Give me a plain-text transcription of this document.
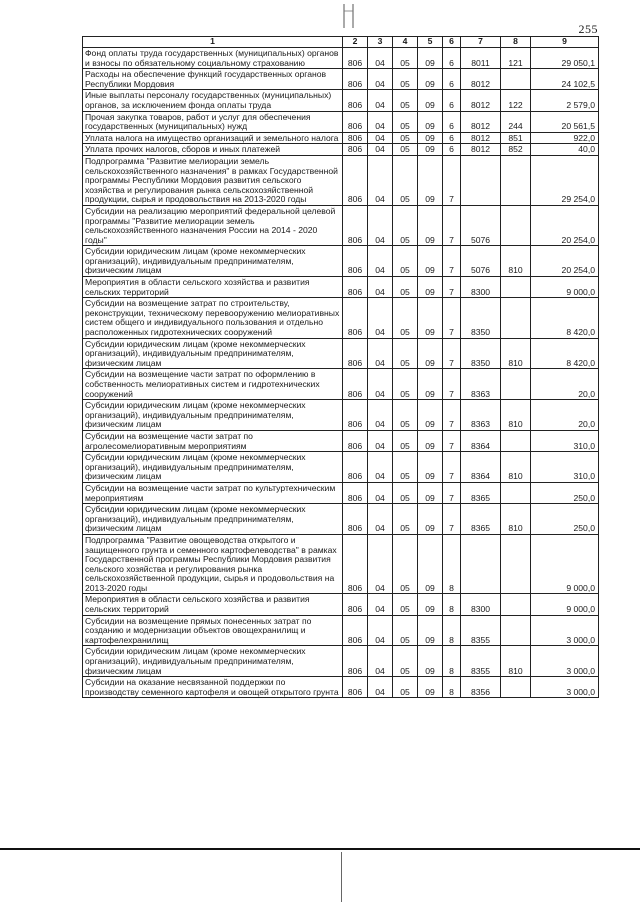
255
1	2	3	4	5	6	7	8	9
Фонд оплаты труда государственных (муниципальных) органов и взносы по обязательному социальному страхованию	806	04	05	09	6	8011	121	29 050,1
Расходы на обеспечение функций государственных органов Республики Мордовия	806	04	05	09	6	8012		24 102,5
Иные выплаты персоналу государственных (муниципальных) органов, за исключением фонда оплаты труда	806	04	05	09	6	8012	122	2 579,0
Прочая закупка товаров, работ и услуг для обеспечения государственных (муниципальных) нужд	806	04	05	09	6	8012	244	20 561,5
Уплата налога на имущество организаций и земельного налога	806	04	05	09	6	8012	851	922,0
Уплата прочих налогов, сборов и иных платежей	806	04	05	09	6	8012	852	40,0
Подпрограмма "Развитие мелиорации земель сельскохозяйственного назначения" в рамках Государственной программы Республики Мордовия развития сельского хозяйства и регулирования рынка сельскохозяйственной продукции, сырья и продовольствия на 2013-2020 годы	806	04	05	09	7			29 254,0
Субсидии на реализацию мероприятий федеральной целевой программы "Развитие мелиорации земель сельскохозяйственного назначения России на 2014 - 2020 годы"	806	04	05	09	7	5076		20 254,0
Субсидии юридическим лицам (кроме некоммерческих организаций), индивидуальным предпринимателям, физическим лицам	806	04	05	09	7	5076	810	20 254,0
Мероприятия в области сельского хозяйства и развития сельских территорий	806	04	05	09	7	8300		9 000,0
Субсидии на возмещение затрат по строительству, реконструкции, техническому перевооружению мелиоративных систем общего и индивидуального пользования и отдельно расположенных гидротехнических сооружений	806	04	05	09	7	8350		8 420,0
Субсидии юридическим лицам (кроме некоммерческих организаций), индивидуальным предпринимателям, физическим лицам	806	04	05	09	7	8350	810	8 420,0
Субсидии на возмещение части затрат по оформлению в собственность мелиоративных систем и гидротехнических сооружений	806	04	05	09	7	8363		20,0
Субсидии юридическим лицам (кроме некоммерческих организаций), индивидуальным предпринимателям, физическим лицам	806	04	05	09	7	8363	810	20,0
Субсидии на возмещение части затрат по агролесомелиоративным мероприятиям	806	04	05	09	7	8364		310,0
Субсидии юридическим лицам (кроме некоммерческих организаций), индивидуальным предпринимателям, физическим лицам	806	04	05	09	7	8364	810	310,0
Субсидии на возмещение части затрат по культуртехническим мероприятиям	806	04	05	09	7	8365		250,0
Субсидии юридическим лицам (кроме некоммерческих организаций), индивидуальным предпринимателям, физическим лицам	806	04	05	09	7	8365	810	250,0
Подпрограмма "Развитие овощеводства открытого и защищенного грунта и семенного картофелеводства" в рамках Государственной программы Республики Мордовия развития сельского хозяйства и регулирования рынка сельскохозяйственной продукции, сырья и продовольствия на 2013-2020 годы	806	04	05	09	8			9 000,0
Мероприятия в области сельского хозяйства и развития сельских территорий	806	04	05	09	8	8300		9 000,0
Субсидии на возмещение прямых понесенных затрат по созданию и модернизации объектов овощехранилищ и картофелехранилищ	806	04	05	09	8	8355		3 000,0
Субсидии юридическим лицам (кроме некоммерческих организаций), индивидуальным предпринимателям, физическим лицам	806	04	05	09	8	8355	810	3 000,0
Субсидии на оказание несвязанной поддержки по производству семенного картофеля и овощей открытого грунта	806	04	05	09	8	8356		3 000,0
